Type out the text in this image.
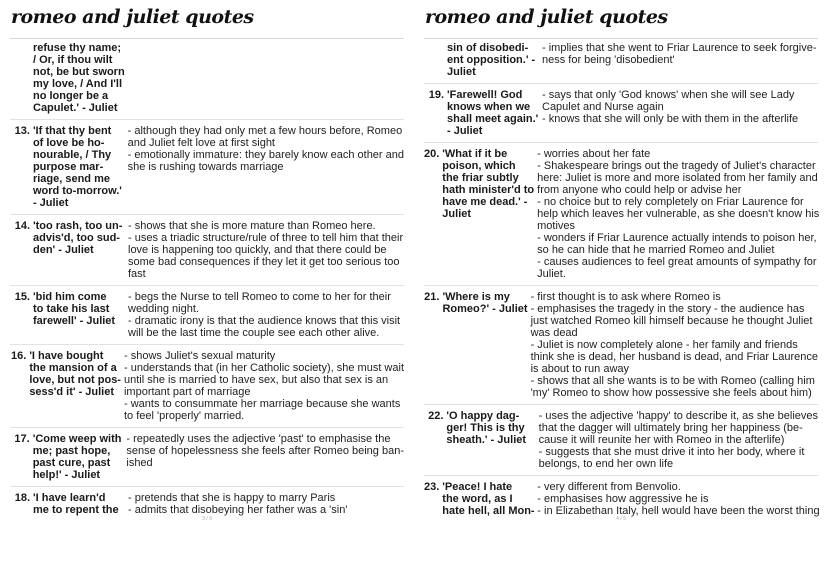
romeo and juliet quotes
refuse thy name;
/ Or, if thou wilt
not, be but sworn
my love, / And I'll
no longer be a
Capulet.' - Juliet
13. 'If that thy bent
of love be ho-
nourable, / Thy
purpose mar-
riage, send me
word to-morrow.'
- Juliet
- although they had only met a few hours before, Romeo
and Juliet felt love at first sight
- emotionally immature: they barely know each other and
she is rushing towards marriage
14. 'too rash, too un-
advis'd, too sud-
den' - Juliet
- shows that she is more mature than Romeo here.
- uses a triadic structure/rule of three to tell him that their
love is happening too quickly, and that there could be
some bad consequences if they let it get too serious too
fast
15. 'bid him come
to take his last
farewell' - Juliet
- begs the Nurse to tell Romeo to come to her for their
wedding night.
- dramatic irony is that the audience knows that this visit
will be the last time the couple see each other alive.
16. 'I have bought
the mansion of a
love, but not pos-
sess'd it' - Juliet
- shows Juliet's sexual maturity
- understands that (in her Catholic society), she must wait
until she is married to have sex, but also that sex is an
important part of marriage
- wants to consummate her marriage because she wants
to feel 'properly' married.
17. 'Come weep with
me; past hope,
past cure, past
help!' - Juliet
- repeatedly uses the adjective 'past' to emphasise the
sense of hopelessness she feels after Romeo being ban-
ished
18. 'I have learn'd
me to repent the
- pretends that she is happy to marry Paris
- admits that disobeying her father was a 'sin'
3 / 9
romeo and juliet quotes
sin of disobedi-
ent opposition.' -
Juliet
- implies that she went to Friar Laurence to seek forgive-
ness for being 'disobedient'
19. 'Farewell! God
knows when we
shall meet again.'
- Juliet
- says that only 'God knows' when she will see Lady
Capulet and Nurse again
- knows that she will only be with them in the afterlife
20. 'What if it be
poison, which
the friar subtly
hath minister'd to
have me dead.' -
Juliet
- worries about her fate
- Shakespeare brings out the tragedy of Juliet's character
here: Juliet is more and more isolated from her family and
from anyone who could help or advise her
- no choice but to rely completely on Friar Laurence for
help which leaves her vulnerable, as she doesn't know his
motives
- wonders if Friar Laurence actually intends to poison her,
so he can hide that he married Romeo and Juliet
- causes audiences to feel great amounts of sympathy for
Juliet.
21. 'Where is my
Romeo?' - Juliet
- first thought is to ask where Romeo is
- emphasises the tragedy in the story - the audience has
just watched Romeo kill himself because he thought Juliet
was dead
- Juliet is now completely alone - her family and friends
think she is dead, her husband is dead, and Friar Laurence
is about to run away
- shows that all she wants is to be with Romeo (calling him
'my' Romeo to show how possessive she feels about him)
22. 'O happy dag-
ger! This is thy
sheath.' - Juliet
- uses the adjective 'happy' to describe it, as she believes
that the dagger will ultimately bring her happiness (be-
cause it will reunite her with Romeo in the afterlife)
- suggests that she must drive it into her body, where it
belongs, to end her own life
23. 'Peace! I hate
the word, as I
hate hell, all Mon-
- very different from Benvolio.
- emphasises how aggressive he is
- in Elizabethan Italy, hell would have been the worst thing
4 / 9
